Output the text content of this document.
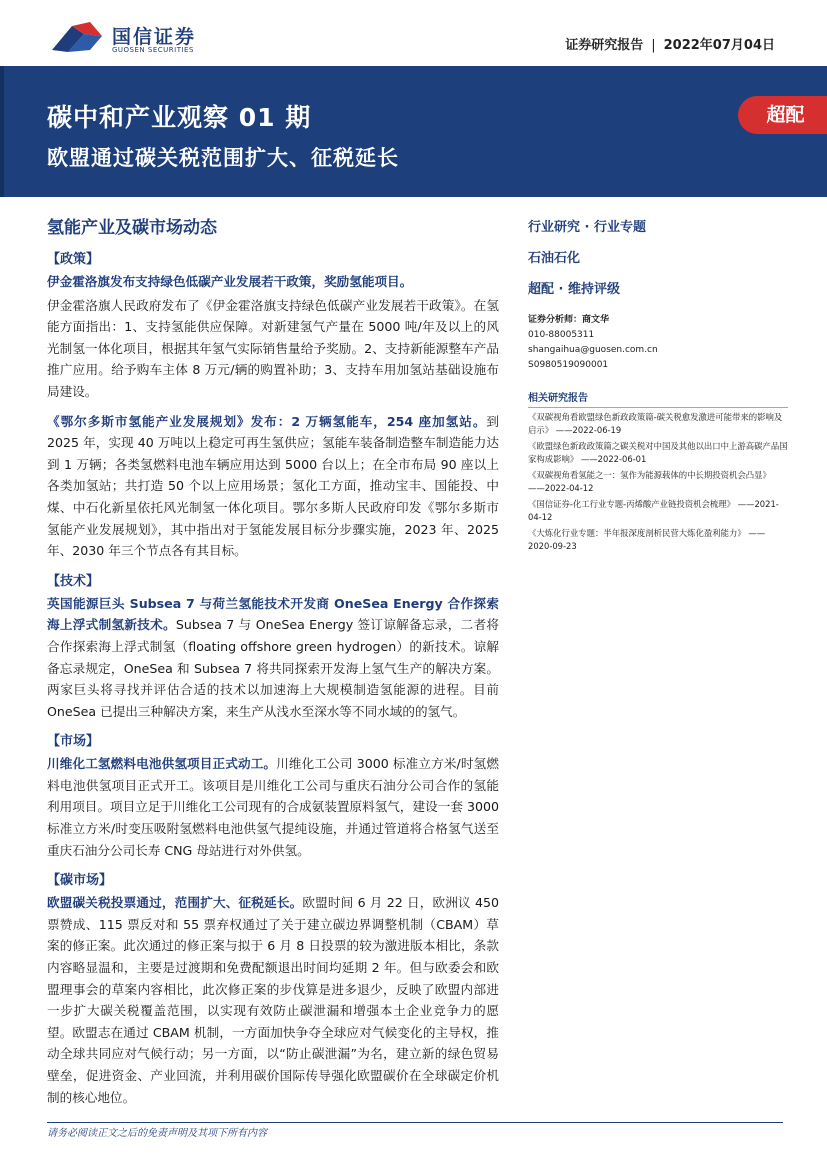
国信证券
GUOSEN SECURITIES	证券研究报告 | 2022年07月04日
碳中和产业观察 01 期
欧盟通过碳关税范围扩大、征税延长
超配
氢能产业及碳市场动态
【政策】

伊金霍洛旗发布支持绿色低碳产业发展若干政策，奖励氢能项目。

伊金霍洛旗人民政府发布了《伊金霍洛旗支持绿色低碳产业发展若干政策》。在氢能方面指出：1、支持氢能供应保障。对新建氢气产量在 5000 吨/年及以上的风光制氢一体化项目，根据其年氢气实际销售量给予奖励。2、支持新能源整车产品推广应用。给予购车主体 8 万元/辆的购置补助；3、支持车用加氢站基础设施布局建设。

《鄂尔多斯市氢能产业发展规划》发布：2 万辆氢能车，254 座加氢站。到 2025 年，实现 40 万吨以上稳定可再生氢供应；氢能车装备制造整车制造能力达到 1 万辆；各类氢燃料电池车辆应用达到 5000 台以上；在全市布局 90 座以上各类加氢站；共打造 50 个以上应用场景；氢化工方面，推动宝丰、国能投、中煤、中石化新星依托风光制氢一体化项目。鄂尔多斯人民政府印发《鄂尔多斯市氢能产业发展规划》，其中指出对于氢能发展目标分步骤实施，2023 年、2025 年、2030 年三个节点各有其目标。

【技术】

英国能源巨头 Subsea 7 与荷兰氢能技术开发商 OneSea Energy 合作探索海上浮式制氢新技术。Subsea 7 与 OneSea Energy 签订谅解备忘录，二者将合作探索海上浮式制氢（floating offshore green hydrogen）的新技术。谅解备忘录规定，OneSea 和 Subsea 7 将共同探索开发海上氢气生产的解决方案。两家巨头将寻找并评估合适的技术以加速海上大规模制造氢能源的进程。目前 OneSea 已提出三种解决方案，来生产从浅水至深水等不同水域的的氢气。

【市场】

川维化工氢燃料电池供氢项目正式动工。川维化工公司 3000 标准立方米/时氢燃料电池供氢项目正式开工。该项目是川维化工公司与重庆石油分公司合作的氢能利用项目。项目立足于川维化工公司现有的合成氨装置原料氢气，建设一套 3000 标准立方米/时变压吸附氢燃料电池供氢气提纯设施，并通过管道将合格氢气送至重庆石油分公司长寿 CNG 母站进行对外供氢。

【碳市场】

欧盟碳关税投票通过，范围扩大、征税延长。欧盟时间 6 月 22 日，欧洲议 450 票赞成、115 票反对和 55 票弃权通过了关于建立碳边界调整机制（CBAM）草案的修正案。此次通过的修正案与拟于 6 月 8 日投票的较为激进版本相比，条款内容略显温和，主要是过渡期和免费配额退出时间均延期 2 年。但与欧委会和欧盟理事会的草案内容相比，此次修正案的步伐算是进多退少，反映了欧盟内部进一步扩大碳关税覆盖范围，以实现有效防止碳泄漏和增强本土企业竞争力的愿望。欧盟志在通过 CBAM 机制，一方面加快争夺全球应对气候变化的主导权，推动全球共同应对气候行动；另一方面，以“防止碳泄漏”为名，建立新的绿色贸易壁垒，促进资金、产业回流，并利用碳价国际传导强化欧盟碳价在全球碳定价机制的核心地位。

行业研究 · 行业专题
石油石化
超配 · 维持评级
证券分析师：商文华
010-88005311
shangaihua@guosen.com.cn
S0980519090001
相关研究报告
《双碳视角看欧盟绿色新政政策篇-碳关税愈发激进可能带来的影响及启示》 ——2022-06-19
《欧盟绿色新政政策篇之碳关税对中国及其他以出口中上游高碳产品国家构成影响》 ——2022-06-01
《双碳视角看氢能之一：氢作为能源载体的中长期投资机会凸显》 ——2022-04-12
《国信证券-化工行业专题-丙烯酸产业链投资机会梳理》 ——2021-04-12
《大炼化行业专题：半年报深度剖析民营大炼化盈利能力》 ——2020-09-23
请务必阅读正文之后的免责声明及其项下所有内容
